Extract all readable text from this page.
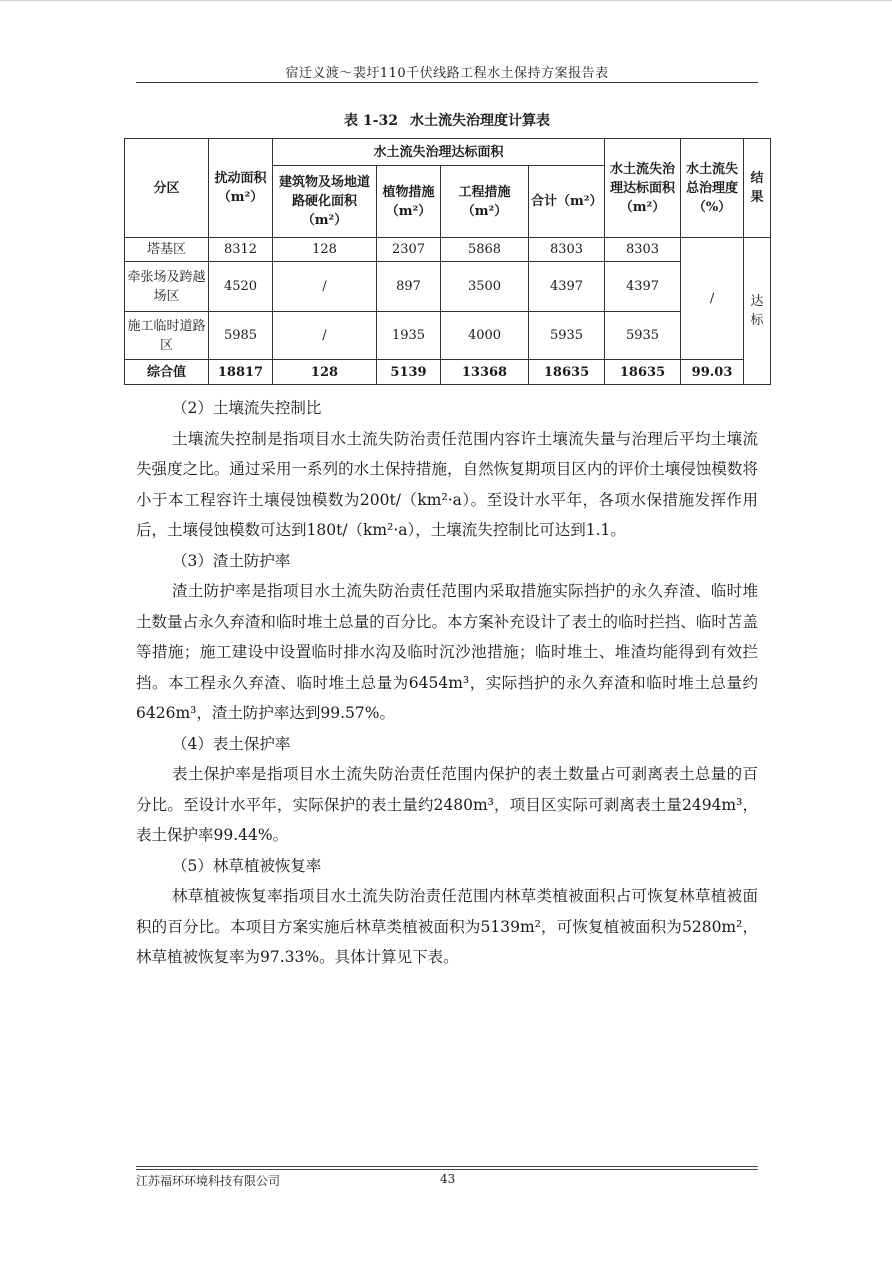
宿迁义渡～裴圩110千伏线路工程水土保持方案报告表
表 1-32 水土流失治理度计算表
分区	扰动面积（m²）	水土流失治理达标面积				水土流失治理达标面积（m²）	水土流失总治理度（%）	结果
		建筑物及场地道路硬化面积（m²）	植物措施（m²）	工程措施（m²）	合计（m²）			
塔基区	8312	128	2307	5868	8303	8303	/	达标
牵张场及跨越场区	4520	/	897	3500	4397	4397		
施工临时道路区	5985	/	1935	4000	5935	5935		
综合值	18817	128	5139	13368	18635	18635	99.03	

（2）土壤流失控制比

土壤流失控制是指项目水土流失防治责任范围内容许土壤流失量与治理后平均土壤流失强度之比。通过采用一系列的水土保持措施，自然恢复期项目区内的评价土壤侵蚀模数将小于本工程容许土壤侵蚀模数为200t/（km²·a）。至设计水平年，各项水保措施发挥作用后，土壤侵蚀模数可达到180t/（km²·a），土壤流失控制比可达到1.1。

（3）渣土防护率

渣土防护率是指项目水土流失防治责任范围内采取措施实际挡护的永久弃渣、临时堆土数量占永久弃渣和临时堆土总量的百分比。本方案补充设计了表土的临时拦挡、临时苫盖等措施；施工建设中设置临时排水沟及临时沉沙池措施；临时堆土、堆渣均能得到有效拦挡。本工程永久弃渣、临时堆土总量为6454m³，实际挡护的永久弃渣和临时堆土总量约6426m³，渣土防护率达到99.57%。

（4）表土保护率

表土保护率是指项目水土流失防治责任范围内保护的表土数量占可剥离表土总量的百分比。至设计水平年，实际保护的表土量约2480m³，项目区实际可剥离表土量2494m³，表土保护率99.44%。

（5）林草植被恢复率

林草植被恢复率指项目水土流失防治责任范围内林草类植被面积占可恢复林草植被面积的百分比。本项目方案实施后林草类植被面积为5139m²，可恢复植被面积为5280m²，林草植被恢复率为97.33%。具体计算见下表。

江苏福环环境科技有限公司	43
